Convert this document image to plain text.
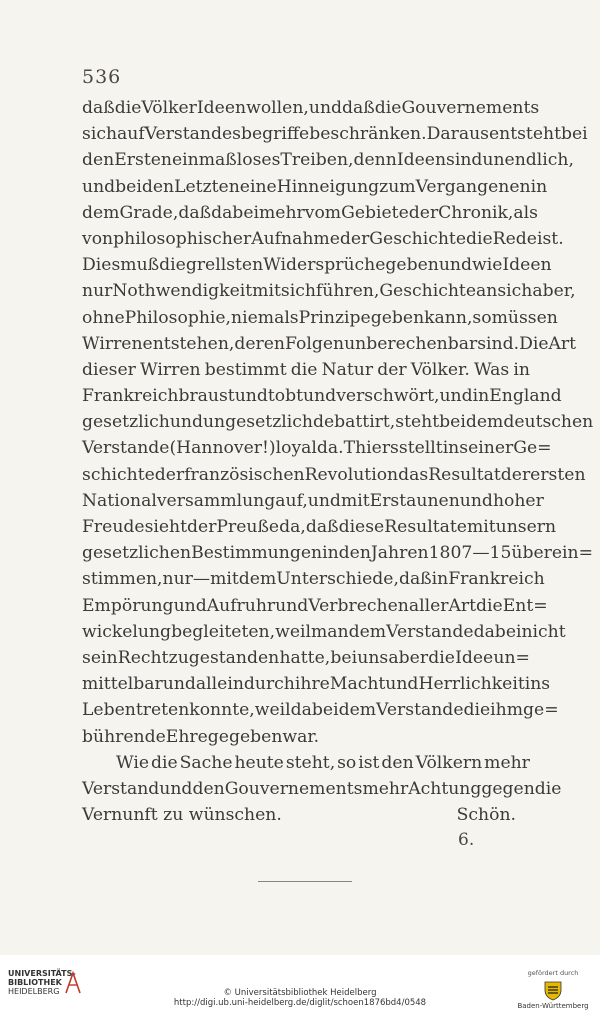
536
daß die Völker Ideen wollen, und daß die Gouvernements
sich auf Verstandesbegriffe beschränken. Daraus entsteht bei
den Ersten ein maßloses Treiben, denn Ideen sind unendlich,
und bei den Letzten eine Hinneigung zum Vergangenen in
dem Grade, daß dabei mehr vom Gebiete der Chronik, als
von philosophischer Aufnahme der Geschichte die Rede ist.
Dies muß die grellsten Widersprüche geben und wie Ideen
nur Nothwendigkeit mit sich führen, Geschichte an sich aber,
ohne Philosophie, niemals Prinzipe geben kann, so müssen
Wirren entstehen, deren Folgen unberechenbar sind. Die Art
dieser Wirren bestimmt die Natur der Völker. Was in
Frankreich braust und tobt und verschwört, und in England
gesetzlich und ungesetzlich debattirt, steht bei dem deutschen
Verstande (Hannover!) loyal da. Thiers stellt in seiner Ge=
schichte der französischen Revolution das Resultat der ersten
Nationalversammlung auf, und mit Erstaunen und hoher
Freude sieht der Preuße da, daß diese Resultate mit unsern
gesetzlichen Bestimmungen in den Jahren 1807—15 überein=
stimmen, nur — mit dem Unterschiede, daß in Frankreich
Empörung und Aufruhr und Verbrechen aller Art die Ent=
wickelung begleiteten, weil man dem Verstande dabei nicht
sein Recht zugestanden hatte, bei uns aber die Idee un=
mittelbar und allein durch ihre Macht und Herrlichkeit ins
Leben treten konnte, weil dabei dem Verstande die ihm ge=
bührende Ehre gegeben war.
Wie die Sache heute steht, so ist den Völkern mehr
Verstand und den Gouvernements mehr Achtung gegen die
Vernunft zu wünschen.	Schön.
6.
UNIVERSITÄTS-
BIBLIOTHEK
HEIDELBERG	© Universitätsbibliothek Heidelberg
http://digi.ub.uni-heidelberg.de/diglit/schoen1876bd4/0548
gefördert durch
Baden-Württemberg
